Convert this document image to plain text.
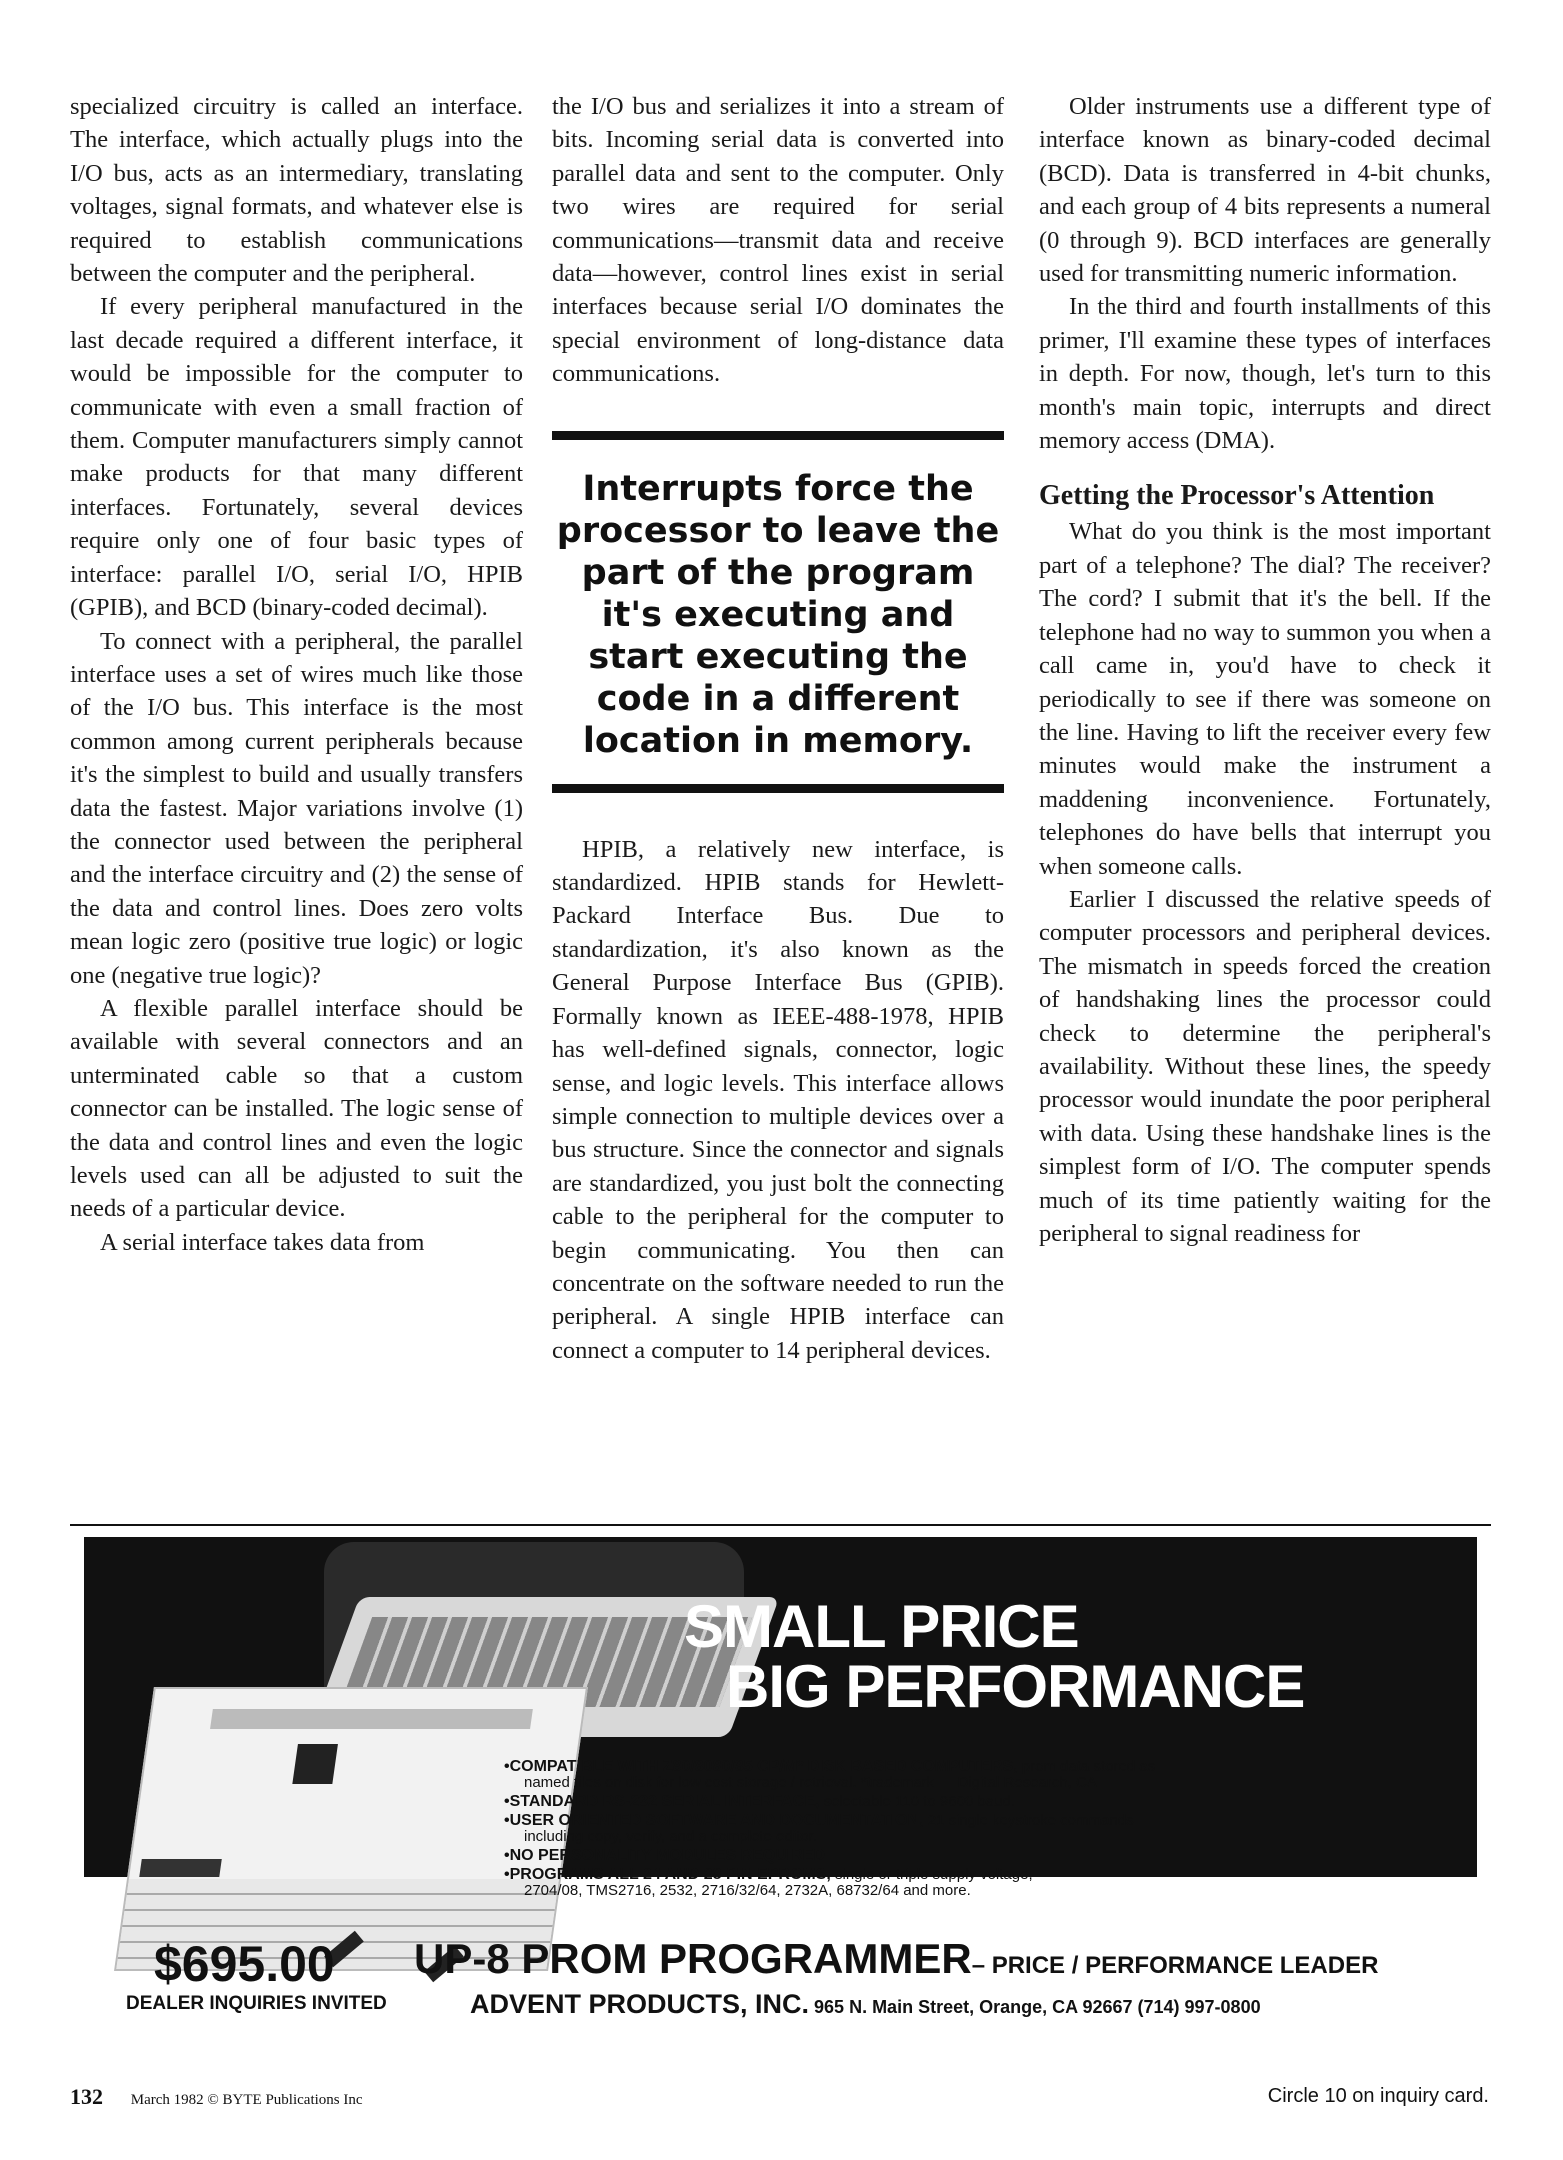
specialized circuitry is called an interface. The interface, which actually plugs into the I/O bus, acts as an intermediary, translating voltages, signal formats, and whatever else is required to establish communications between the computer and the peripheral.

If every peripheral manufactured in the last decade required a different interface, it would be impossible for the computer to communicate with even a small fraction of them. Computer manufacturers simply cannot make products for that many different interfaces. Fortunately, several devices require only one of four basic types of interface: parallel I/O, serial I/O, HPIB (GPIB), and BCD (binary-coded decimal).

To connect with a peripheral, the parallel interface uses a set of wires much like those of the I/O bus. This interface is the most common among current peripherals because it's the simplest to build and usually transfers data the fastest. Major variations involve (1) the connector used between the peripheral and the interface circuitry and (2) the sense of the data and control lines. Does zero volts mean logic zero (positive true logic) or logic one (negative true logic)?

A flexible parallel interface should be available with several connectors and an unterminated cable so that a custom connector can be installed. The logic sense of the data and control lines and even the logic levels used can all be adjusted to suit the needs of a particular device.

A serial interface takes data from

the I/O bus and serializes it into a stream of bits. Incoming serial data is converted into parallel data and sent to the computer. Only two wires are required for serial communications—transmit data and receive data—however, control lines exist in serial interfaces because serial I/O dominates the special environment of long-distance data communications.

Interrupts force the processor to leave the part of the program it's executing and start executing the code in a different location in memory.

HPIB, a relatively new interface, is standardized. HPIB stands for Hewlett-Packard Interface Bus. Due to standardization, it's also known as the General Purpose Interface Bus (GPIB). Formally known as IEEE-488-1978, HPIB has well-defined signals, connector, logic sense, and logic levels. This interface allows simple connection to multiple devices over a bus structure. Since the connector and signals are standardized, you just bolt the connecting cable to the peripheral for the computer to begin communicating. You then can concentrate on the software needed to run the peripheral. A single HPIB interface can connect a computer to 14 peripheral devices.

Older instruments use a different type of interface known as binary-coded decimal (BCD). Data is transferred in 4-bit chunks, and each group of 4 bits represents a numeral (0 through 9). BCD interfaces are generally used for transmitting numeric information.

In the third and fourth installments of this primer, I'll examine these types of interfaces in depth. For now, though, let's turn to this month's main topic, interrupts and direct memory access (DMA).

Getting the Processor's Attention

What do you think is the most important part of a telephone? The dial? The receiver? The cord? I submit that it's the bell. If the telephone had no way to summon you when a call came in, you'd have to check it periodically to see if there was someone on the line. Having to lift the receiver every few minutes would make the instrument a maddening inconvenience. Fortunately, telephones do have bells that interrupt you when someone calls.

Earlier I discussed the relative speeds of computer processors and peripheral devices. The mismatch in speeds forced the creation of handshaking lines the processor could check to determine the peripheral's availability. Without these lines, the speedy processor would inundate the poor peripheral with data. Using these handshake lines is the simplest form of I/O. The computer spends much of its time patiently waiting for the peripheral to signal readiness for

SMALL PRICE
BIG PERFORMANCE
•COMPATIBLE WITH Z80/8080/85 CP/M* DISK BASED COMPUTERS, prom data stored as
named files on disk for low cost storage / retrieval. *trademark — Digital Research, CA
•STANDARD RS-232 SERIAL INTERFACE, selectable 110 to 9600 baud.
•USER ORIENTED SOFTWARE AND DOCUMENTATION, 21 single keystroke commands
including copy, verify, and a complete editor.
•NO PERSONALITY MODULES REQUIRED
•PROGRAMS ALL 24 AND 28 PIN EPROMS, single or triple supply voltage,
2704/08, TMS2716, 2532, 2716/32/64, 2732A, 68732/64 and more.
$695.00
DEALER INQUIRIES INVITED
UP-8 PROM PROGRAMMER– PRICE / PERFORMANCE LEADER
ADVENT PRODUCTS, INC. 965 N. Main Street, Orange, CA 92667 (714) 997-0800
132 March 1982 © BYTE Publications Inc	Circle 10 on inquiry card.
